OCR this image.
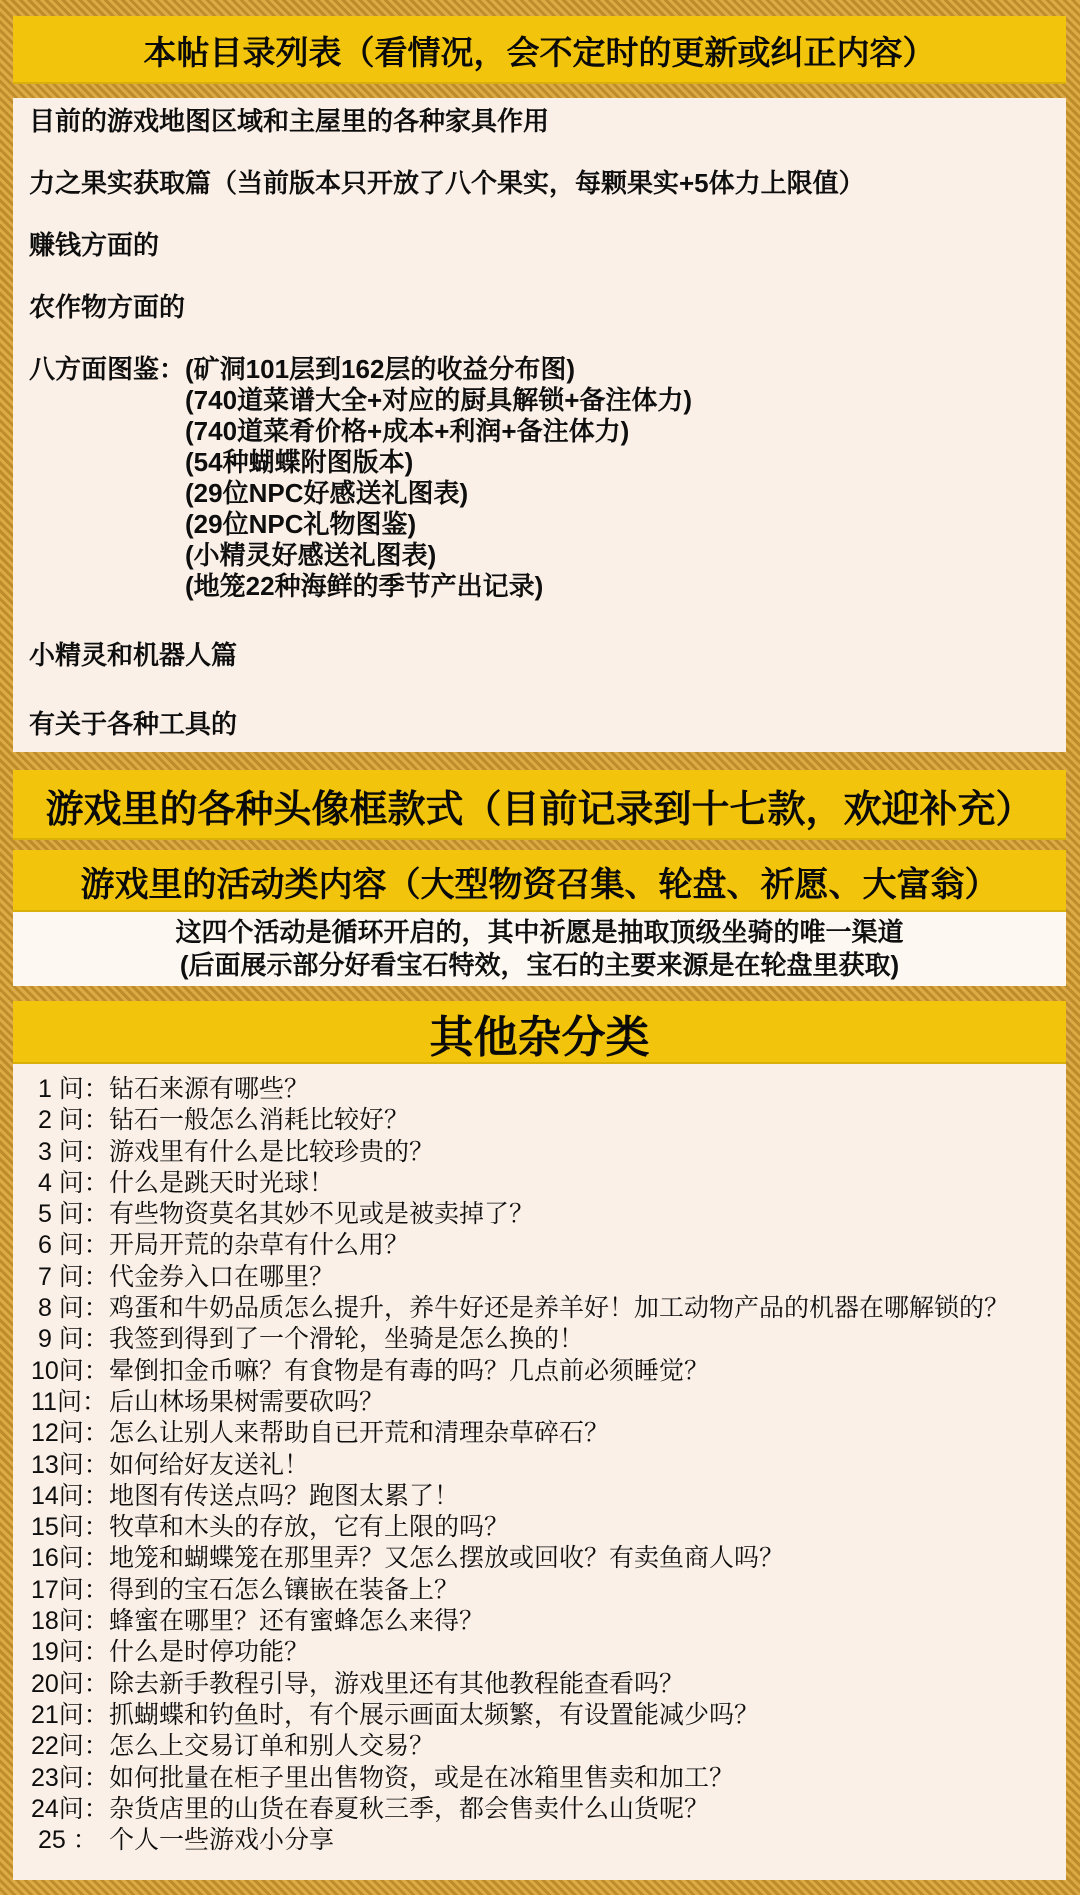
本帖目录列表（看情况，会不定时的更新或纠正内容）
目前的游戏地图区域和主屋里的各种家具作用
力之果实获取篇（当前版本只开放了八个果实，每颗果实+5体力上限值）
赚钱方面的
农作物方面的
八方面图鉴：(矿洞101层到162层的收益分布图)
(740道菜谱大全+对应的厨具解锁+备注体力)
(740道菜肴价格+成本+利润+备注体力)
(54种蝴蝶附图版本)
(29位NPC好感送礼图表)
(29位NPC礼物图鉴)
(小精灵好感送礼图表)
(地笼22种海鲜的季节产出记录)
小精灵和机器人篇
有关于各种工具的
游戏里的各种头像框款式（目前记录到十七款，欢迎补充）
游戏里的活动类内容（大型物资召集、轮盘、祈愿、大富翁）
这四个活动是循环开启的，其中祈愿是抽取顶级坐骑的唯一渠道
(后面展示部分好看宝石特效，宝石的主要来源是在轮盘里获取)
其他杂分类
1 问： 钻石来源有哪些？
2 问： 钻石一般怎么消耗比较好？
3 问： 游戏里有什么是比较珍贵的？
4 问： 什么是跳天时光球！
5 问： 有些物资莫名其妙不见或是被卖掉了？
6 问： 开局开荒的杂草有什么用？
7 问： 代金券入口在哪里？
8 问： 鸡蛋和牛奶品质怎么提升，养牛好还是养羊好！加工动物产品的机器在哪解锁的？
9 问： 我签到得到了一个滑轮，坐骑是怎么换的！
10问： 晕倒扣金币嘛？有食物是有毒的吗？几点前必须睡觉？
11问： 后山林场果树需要砍吗？
12问： 怎么让别人来帮助自已开荒和清理杂草碎石？
13问： 如何给好友送礼！
14问： 地图有传送点吗？跑图太累了！
15问： 牧草和木头的存放，它有上限的吗？
16问： 地笼和蝴蝶笼在那里弄？又怎么摆放或回收？有卖鱼商人吗？
17问： 得到的宝石怎么镶嵌在装备上？
18问： 蜂蜜在哪里？还有蜜蜂怎么来得？
19问： 什么是时停功能？
20问： 除去新手教程引导，游戏里还有其他教程能查看吗？
21问： 抓蝴蝶和钓鱼时，有个展示画面太频繁，有设置能减少吗？
22问： 怎么上交易订单和别人交易？
23问： 如何批量在柜子里出售物资，或是在冰箱里售卖和加工？
24问： 杂货店里的山货在春夏秋三季，都会售卖什么山货呢？
25 ： 个人一些游戏小分享
